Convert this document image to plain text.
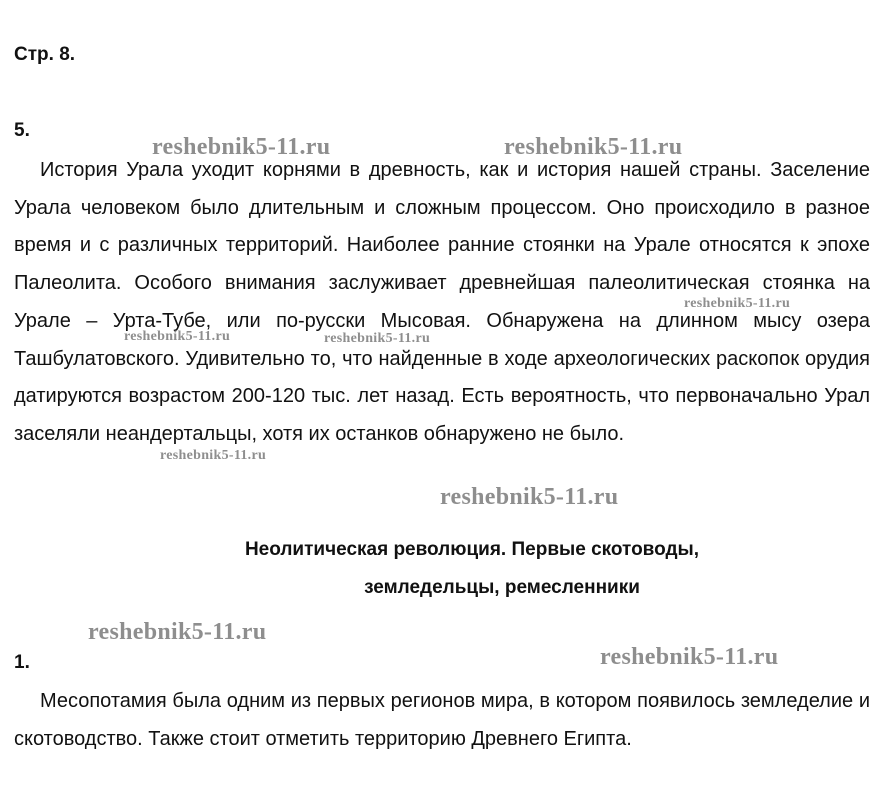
Стр. 8.
5.

История Урала уходит корнями в древность, как и история нашей страны. Заселение Урала человеком было длительным и сложным процессом. Оно происходило в разное время и с различных территорий. Наиболее ранние стоянки на Урале относятся к эпохе Палеолита. Особого внимания заслуживает древнейшая палеолитическая стоянка на Урале – Урта-Тубе, или по-русски Мысовая. Обнаружена на длинном мысу озера Ташбулатовского. Удивительно то, что найденные в ходе археологических раскопок орудия датируются возрастом 200-120 тыс. лет назад. Есть вероятность, что первоначально Урал заселяли неандертальцы, хотя их останков обнаружено не было.

Неолитическая революция. Первые скотоводы,

земледельцы, ремесленники

1.

Месопотамия была одним из первых регионов мира, в котором появилось земледелие и скотоводство. Также стоит отметить территорию Древнего Египта.

reshebnik5-11.ru	reshebnik5-11.ru
reshebnik5-11.ru
reshebnik5-11.ru	reshebnik5-11.ru
reshebnik5-11.ru
reshebnik5-11.ru
reshebnik5-11.ru
reshebnik5-11.ru
